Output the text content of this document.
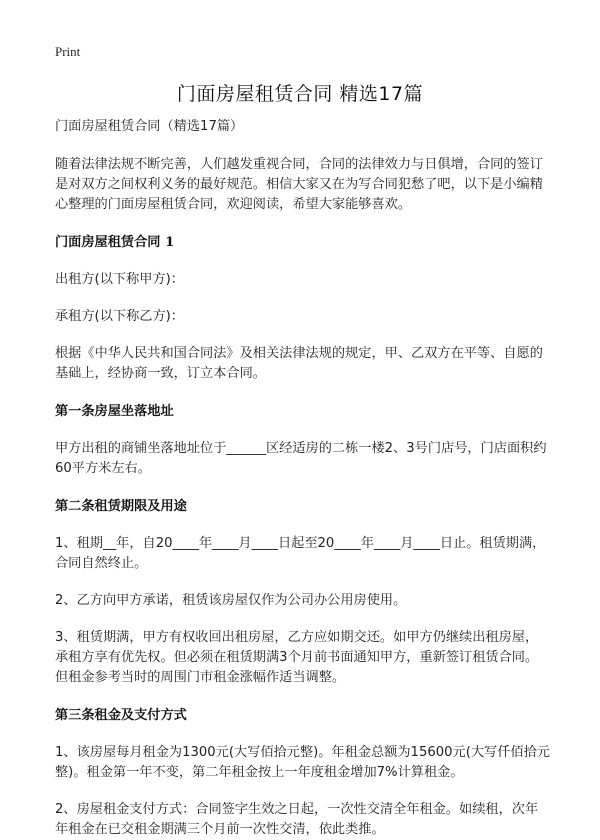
Print
门面房屋租赁合同 精选17篇

门面房屋租赁合同（精选17篇）

随着法律法规不断完善，人们越发重视合同，合同的法律效力与日俱增，合同的签订是对双方之间权利义务的最好规范。相信大家又在为写合同犯愁了吧，以下是小编精心整理的门面房屋租赁合同，欢迎阅读，希望大家能够喜欢。

门面房屋租赁合同 1

出租方(以下称甲方)：

承租方(以下称乙方)：

根据《中华人民共和国合同法》及相关法律法规的规定，甲、乙双方在平等、自愿的基础上，经协商一致，订立本合同。

第一条房屋坐落地址

甲方出租的商铺坐落地址位于______区经适房的二栋一楼2、3号门店号，门店面积约60平方米左右。

第二条租赁期限及用途

1、租期__年，自20____年____月____日起至20____年____月____日止。租赁期满，合同自然终止。

2、乙方向甲方承诺，租赁该房屋仅作为公司办公用房使用。

3、租赁期满，甲方有权收回出租房屋，乙方应如期交还。如甲方仍继续出租房屋，承租方享有优先权。但必须在租赁期满3个月前书面通知甲方，重新签订租赁合同。但租金参考当时的周围门市租金涨幅作适当调整。

第三条租金及支付方式

1、该房屋每月租金为1300元(大写佰拾元整)。年租金总额为15600元(大写仟佰拾元整)。租金第一年不变，第二年租金按上一年度租金增加7%计算租金。

2、房屋租金支付方式：合同签字生效之日起，一次性交清全年租金。如续租，次年年租金在已交租金期满三个月前一次性交清，依此类推。
